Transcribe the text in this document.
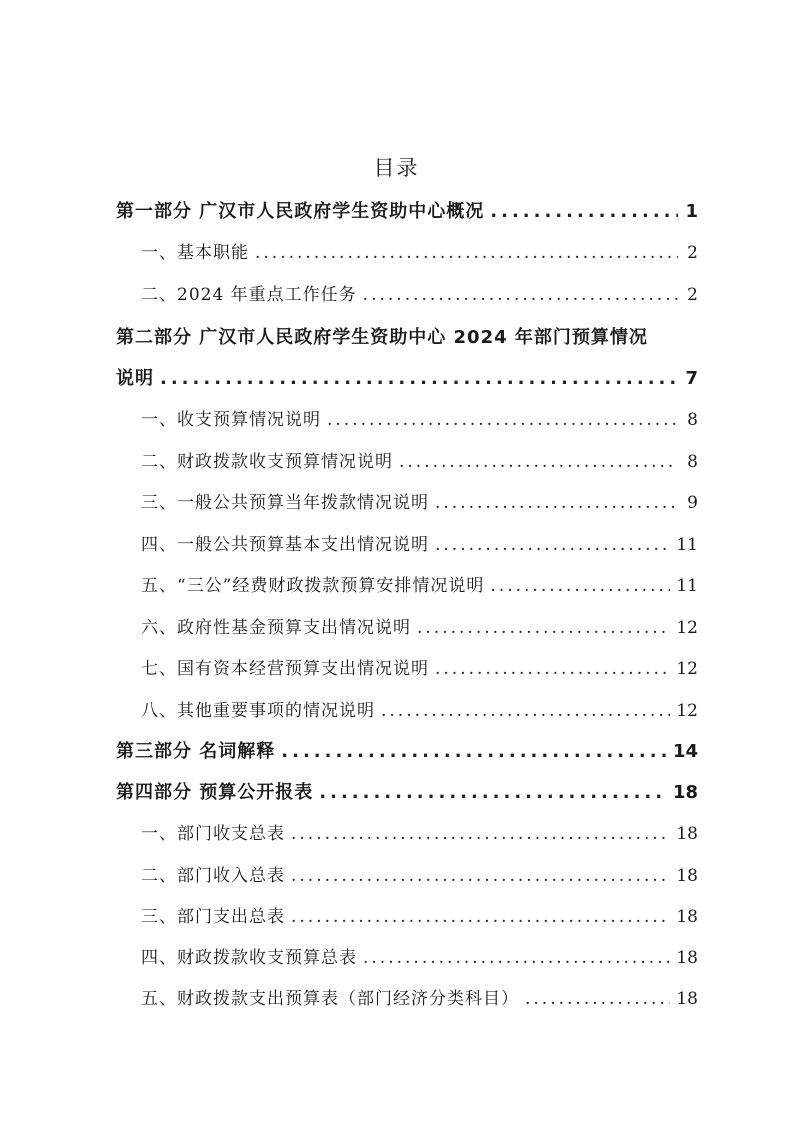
目录
第一部分 广汉市人民政府学生资助中心概况 .....	1
一、基本职能 .....	2
二、2024 年重点工作任务 .....	2
第二部分 广汉市人民政府学生资助中心 2024 年部门预算情况
说明 .....	7
一、收支预算情况说明 .....	8
二、财政拨款收支预算情况说明 .....	8
三、一般公共预算当年拨款情况说明 .....	9
四、一般公共预算基本支出情况说明 .....	11
五、“三公”经费财政拨款预算安排情况说明 .....	11
六、政府性基金预算支出情况说明 .....	12
七、国有资本经营预算支出情况说明 .....	12
八、其他重要事项的情况说明 .....	12
第三部分 名词解释 .....	14
第四部分 预算公开报表 .....	18
一、部门收支总表 .....	18
二、部门收入总表 .....	18
三、部门支出总表 .....	18
四、财政拨款收支预算总表 .....	18
五、财政拨款支出预算表（部门经济分类科目） .....	18
